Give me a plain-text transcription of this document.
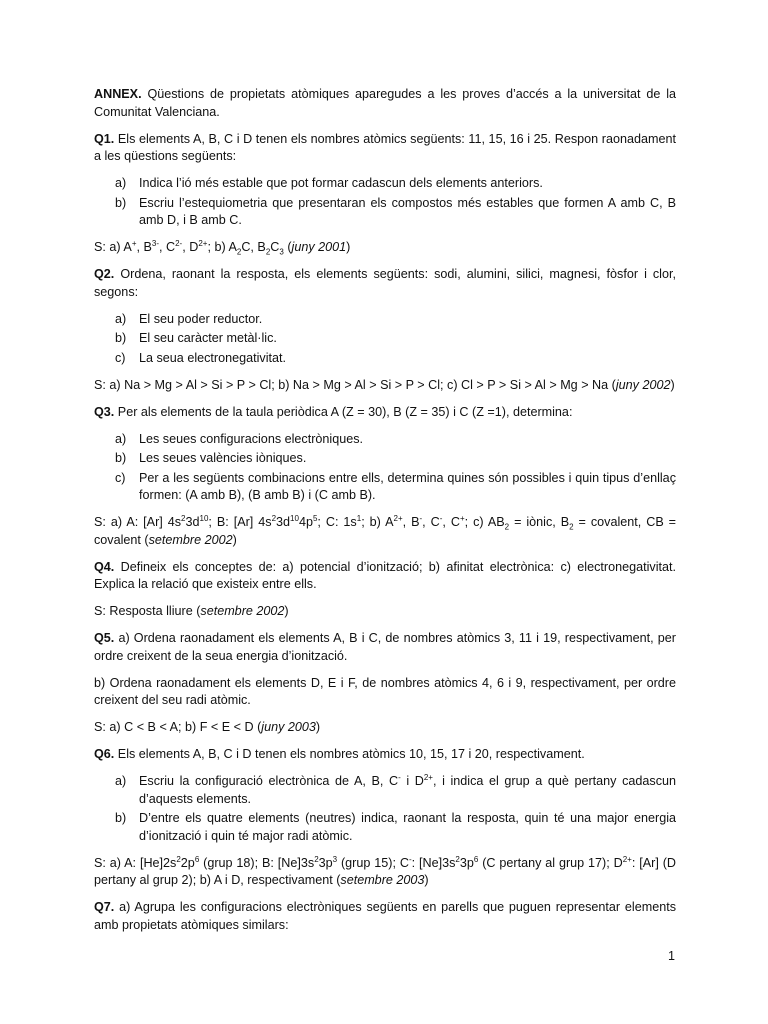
ANNEX. Qüestions de propietats atòmiques aparegudes a les proves d’accés a la universitat de la Comunitat Valenciana.

Q1. Els elements A, B, C i D tenen els nombres atòmics següents: 11, 15, 16 i 25. Respon raonadament a les qüestions següents:

a) Indica l’ió més estable que pot formar cadascun dels elements anteriors.
b) Escriu l’estequiometria que presentaran els compostos més estables que formen A amb C, B amb D, i B amb C.

S: a) A+, $B^{3-}$, $C^{2-}$, $D^{2+}$; b) $A_2C$, $B_2C_3$ (juny 2001)

Q2. Ordena, raonant la resposta, els elements següents: sodi, alumini, silici, magnesi, fòsfor i clor, segons:

a) El seu poder reductor.
b) El seu caràcter metàl·lic.
c) La seua electronegativitat.

S: a) Na > Mg > Al > Si > P > Cl; b) Na > Mg > Al > Si > P > Cl; c) Cl > P > Si > Al > Mg > Na (juny 2002)

Q3. Per als elements de la taula periòdica A (Z = 30), B (Z = 35) i C (Z =1), determina:

a) Les seues configuracions electròniques.
b) Les seues valències iòniques.
c) Per a les següents combinacions entre ells, determina quines són possibles i quin tipus d’enllaç formen: (A amb B), (B amb B) i (C amb B).

S: a) A: [Ar] $4s^23d^{10}$; B: [Ar] $4s^23d^{10}4p^5$; C: $1s^1$; b) $A^{2+}$, B-, C-, C+; c) $AB_2$ = iònic, $B_2$ = covalent, CB = covalent (setembre 2002)

Q4. Defineix els conceptes de: a) potencial d’ionització; b) afinitat electrònica: c) electronegativitat. Explica la relació que existeix entre ells.

S: Resposta lliure (setembre 2002)

Q5. a) Ordena raonadament els elements A, B i C, de nombres atòmics 3, 11 i 19, respectivament, per ordre creixent de la seua energia d’ionització.

b) Ordena raonadament els elements D, E i F, de nombres atòmics 4, 6 i 9, respectivament, per ordre creixent del seu radi atòmic.

S: a) C < B < A; b) F < E < D (juny 2003)

Q6. Els elements A, B, C i D tenen els nombres atòmics 10, 15, 17 i 20, respectivament.

a) Escriu la configuració electrònica de A, B, C- i $D^{2+}$, i indica el grup a què pertany cadascun d’aquests elements.
b) D’entre els quatre elements (neutres) indica, raonant la resposta, quin té una major energia d’ionització i quin té major radi atòmic.

S: a) A: $[He]2s^22p^6$ (grup 18); B: $[Ne]3s^23p^3$ (grup 15); C-: $[Ne]3s^23p^6$ (C pertany al grup 17); $D^{2+}$: [Ar] (D pertany al grup 2); b) A i D, respectivament (setembre 2003)

Q7. a) Agrupa les configuracions electròniques següents en parells que puguen representar elements amb propietats atòmiques similars:

1
